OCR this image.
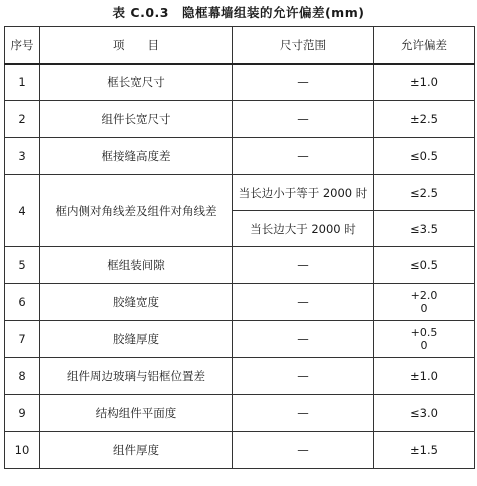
表 C.0.3　隐框幕墙组装的允许偏差(mm)
序号	项　　目	尺寸范围	允许偏差
1	框长宽尺寸	—	±1.0
2	组件长宽尺寸	—	±2.5
3	框接缝高度差	—	≤0.5
4	框内侧对角线差及组件对角线差	当长边小于等于 2000 时	≤2.5
		当长边大于 2000 时	≤3.5
5	框组装间隙	—	≤0.5
6	胶缝宽度	—	+2.0
0

7	胶缝厚度	—	+0.5
0

8	组件周边玻璃与铝框位置差	—	±1.0
9	结构组件平面度	—	≤3.0
10	组件厚度	—	±1.5
